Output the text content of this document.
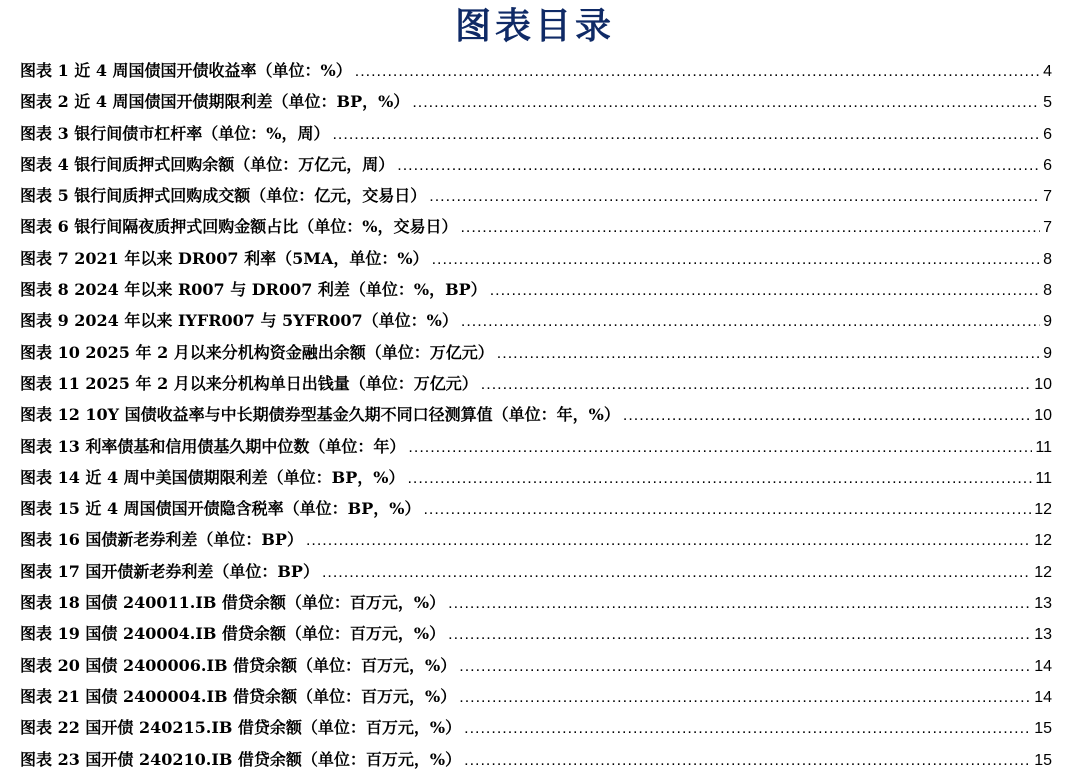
图表目录
图表 1 近 4 周国债国开债收益率（单位：%） .....	4
图表 2 近 4 周国债国开债期限利差（单位：BP，%） .....	5
图表 3 银行间债市杠杆率（单位：%，周） .....	6
图表 4 银行间质押式回购余额（单位：万亿元，周） .....	6
图表 5 银行间质押式回购成交额（单位：亿元，交易日） .....	7
图表 6 银行间隔夜质押式回购金额占比（单位：%，交易日） .....	7
图表 7 2021 年以来 DR007 利率（5MA，单位：%） .....	8
图表 8 2024 年以来 R007 与 DR007 利差（单位：%，BP） .....	8
图表 9 2024 年以来 IYFR007 与 5YFR007（单位：%） .....	9
图表 10 2025 年 2 月以来分机构资金融出余额（单位：万亿元） .....	9
图表 11 2025 年 2 月以来分机构单日出钱量（单位：万亿元） .....	10
图表 12 10Y 国债收益率与中长期债券型基金久期不同口径测算值（单位：年，%） .....	10
图表 13 利率债基和信用债基久期中位数（单位：年） .....	11
图表 14 近 4 周中美国债期限利差（单位：BP，%） .....	11
图表 15 近 4 周国债国开债隐含税率（单位：BP，%） .....	12
图表 16 国债新老券利差（单位：BP） .....	12
图表 17 国开债新老券利差（单位：BP） .....	12
图表 18 国债 240011.IB 借贷余额（单位：百万元，%） .....	13
图表 19 国债 240004.IB 借贷余额（单位：百万元，%） .....	13
图表 20 国债 2400006.IB 借贷余额（单位：百万元，%） .....	14
图表 21 国债 2400004.IB 借贷余额（单位：百万元，%） .....	14
图表 22 国开债 240215.IB 借贷余额（单位：百万元，%） .....	15
图表 23 国开债 240210.IB 借贷余额（单位：百万元，%） .....	15
